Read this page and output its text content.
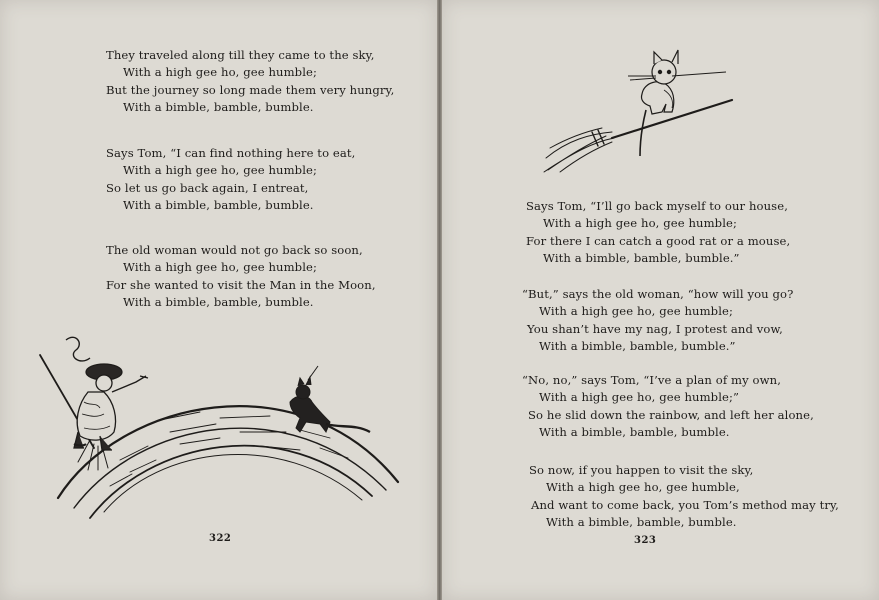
They traveled along till they came to the sky,
With a high gee ho, gee humble;
But the journey so long made them very hungry,
With a bimble, bamble, bumble.
Says Tom, “I can find nothing here to eat,
With a high gee ho, gee humble;
So let us go back again, I entreat,
With a bimble, bamble, bumble.
The old woman would not go back so soon,
With a high gee ho, gee humble;
For she wanted to visit the Man in the Moon,
With a bimble, bamble, bumble.
322
Says Tom, “I’ll go back myself to our house,
With a high gee ho, gee humble;
For there I can catch a good rat or a mouse,
With a bimble, bamble, bumble.”
“But,” says the old woman, “how will you go?
With a high gee ho, gee humble;
You shan’t have my nag, I protest and vow,
With a bimble, bamble, bumble.”
“No, no,” says Tom, “I’ve a plan of my own,
With a high gee ho, gee humble;”
So he slid down the rainbow, and left her alone,
With a bimble, bamble, bumble.
So now, if you happen to visit the sky,
With a high gee ho, gee humble,
And want to come back, you Tom’s method may try,
With a bimble, bamble, bumble.
323
